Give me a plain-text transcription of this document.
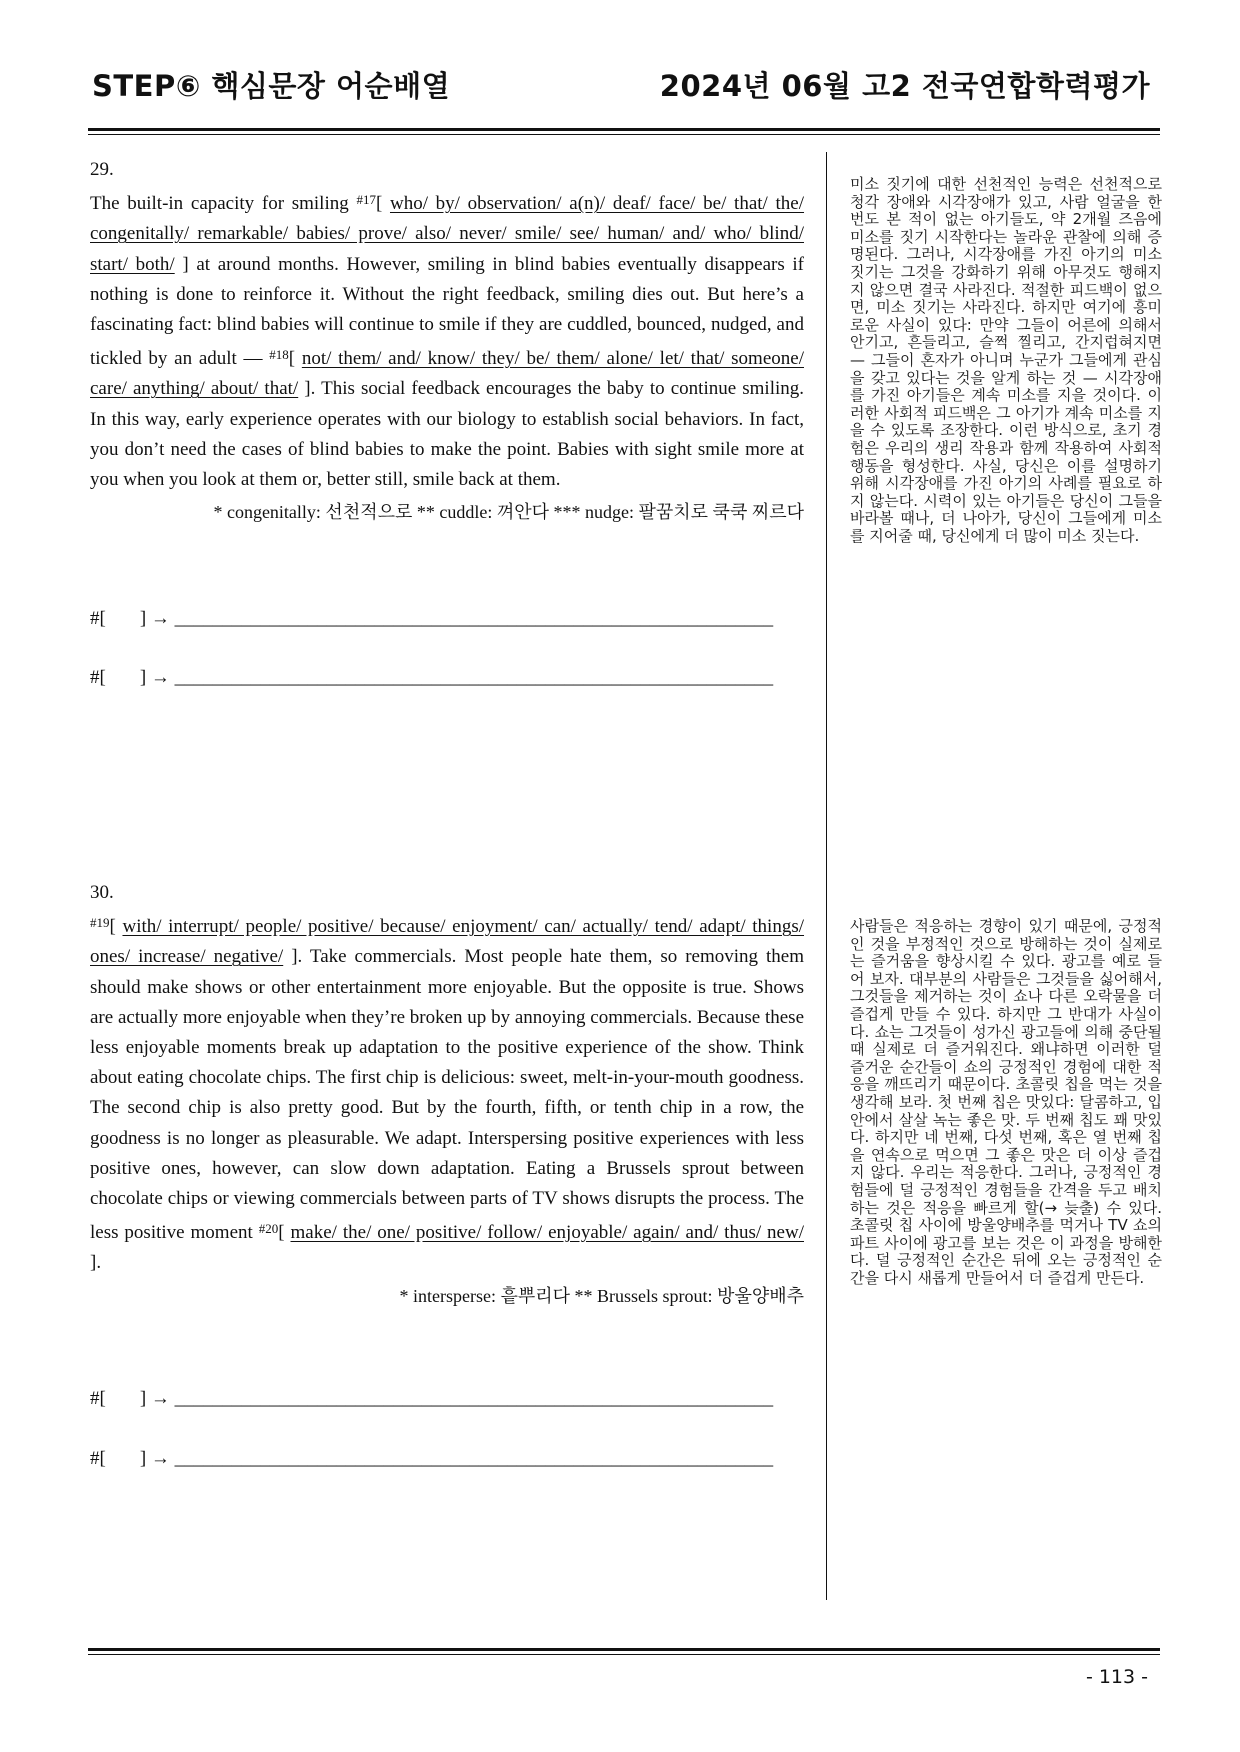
STEP⑥ 핵심문장 어순배열	2024년 06월 고2 전국연합학력평가
29.

The built-in capacity for smiling $^{\#17}$[ who/ by/ observation/ a(n)/ deaf/ face/ be/ that/ the/ congenitally/ remarkable/ babies/ prove/ also/ never/ smile/ see/ human/ and/ who/ blind/ start/ both/ ] at around months. However, smiling in blind babies eventually disappears if nothing is done to reinforce it. Without the right feedback, smiling dies out. But here’s a fascinating fact: blind babies will continue to smile if they are cuddled, bounced, nudged, and tickled by an adult — $^{\#18}$[ not/ them/ and/ know/ they/ be/ them/ alone/ let/ that/ someone/ care/ anything/ about/ that/ ]. This social feedback encourages the baby to continue smiling. In this way, early experience operates with our biology to establish social behaviors. In fact, you don’t need the cases of blind babies to make the point. Babies with sight smile more at you when you look at them or, better still, smile back at them.

* congenitally: 선천적으로 ** cuddle: 껴안다 *** nudge: 팔꿈치로 쿡쿡 찌르다

#[ ] → _______________________________________________________________
#[ ] → _______________________________________________________________
미소 짓기에 대한 선천적인 능력은 선천적으로 청각 장애와 시각장애가 있고, 사람 얼굴을 한 번도 본 적이 없는 아기들도, 약 2개월 즈음에 미소를 짓기 시작한다는 놀라운 관찰에 의해 증명된다. 그러나, 시각장애를 가진 아기의 미소 짓기는 그것을 강화하기 위해 아무것도 행해지지 않으면 결국 사라진다. 적절한 피드백이 없으면, 미소 짓기는 사라진다. 하지만 여기에 흥미로운 사실이 있다: 만약 그들이 어른에 의해서 안기고, 흔들리고, 슬쩍 찔리고, 간지럽혀지면 — 그들이 혼자가 아니며 누군가 그들에게 관심을 갖고 있다는 것을 알게 하는 것 — 시각장애를 가진 아기들은 계속 미소를 지을 것이다. 이러한 사회적 피드백은 그 아기가 계속 미소를 지을 수 있도록 조장한다. 이런 방식으로, 초기 경험은 우리의 생리 작용과 함께 작용하여 사회적 행동을 형성한다. 사실, 당신은 이를 설명하기 위해 시각장애를 가진 아기의 사례를 필요로 하지 않는다. 시력이 있는 아기들은 당신이 그들을 바라볼 때나, 더 나아가, 당신이 그들에게 미소를 지어줄 때, 당신에게 더 많이 미소 짓는다.
30.

$^{\#19}$[ with/ interrupt/ people/ positive/ because/ enjoyment/ can/ actually/ tend/ adapt/ things/ ones/ increase/ negative/ ]. Take commercials. Most people hate them, so removing them should make shows or other entertainment more enjoyable. But the opposite is true. Shows are actually more enjoyable when they’re broken up by annoying commercials. Because these less enjoyable moments break up adaptation to the positive experience of the show. Think about eating chocolate chips. The first chip is delicious: sweet, melt-in-your-mouth goodness. The second chip is also pretty good. But by the fourth, fifth, or tenth chip in a row, the goodness is no longer as pleasurable. We adapt. Interspersing positive experiences with less positive ones, however, can slow down adaptation. Eating a Brussels sprout between chocolate chips or viewing commercials between parts of TV shows disrupts the process. The less positive moment $^{\#20}$[ make/ the/ one/ positive/ follow/ enjoyable/ again/ and/ thus/ new/ ].

* intersperse: 흩뿌리다 ** Brussels sprout: 방울양배추

#[ ] → _______________________________________________________________
#[ ] → _______________________________________________________________
사람들은 적응하는 경향이 있기 때문에, 긍정적인 것을 부정적인 것으로 방해하는 것이 실제로는 즐거움을 향상시킬 수 있다. 광고를 예로 들어 보자. 대부분의 사람들은 그것들을 싫어해서, 그것들을 제거하는 것이 쇼나 다른 오락물을 더 즐겁게 만들 수 있다. 하지만 그 반대가 사실이다. 쇼는 그것들이 성가신 광고들에 의해 중단될 때 실제로 더 즐거워진다. 왜냐하면 이러한 덜 즐거운 순간들이 쇼의 긍정적인 경험에 대한 적응을 깨뜨리기 때문이다. 초콜릿 칩을 먹는 것을 생각해 보라. 첫 번째 칩은 맛있다: 달콤하고, 입안에서 살살 녹는 좋은 맛. 두 번째 칩도 꽤 맛있다. 하지만 네 번째, 다섯 번째, 혹은 열 번째 칩을 연속으로 먹으면 그 좋은 맛은 더 이상 즐겁지 않다. 우리는 적응한다. 그러나, 긍정적인 경험들에 덜 긍정적인 경험들을 간격을 두고 배치하는 것은 적응을 빠르게 할(→ 늦출) 수 있다. 초콜릿 칩 사이에 방울양배추를 먹거나 TV 쇼의 파트 사이에 광고를 보는 것은 이 과정을 방해한다. 덜 긍정적인 순간은 뒤에 오는 긍정적인 순간을 다시 새롭게 만들어서 더 즐겁게 만든다.
- 113 -
